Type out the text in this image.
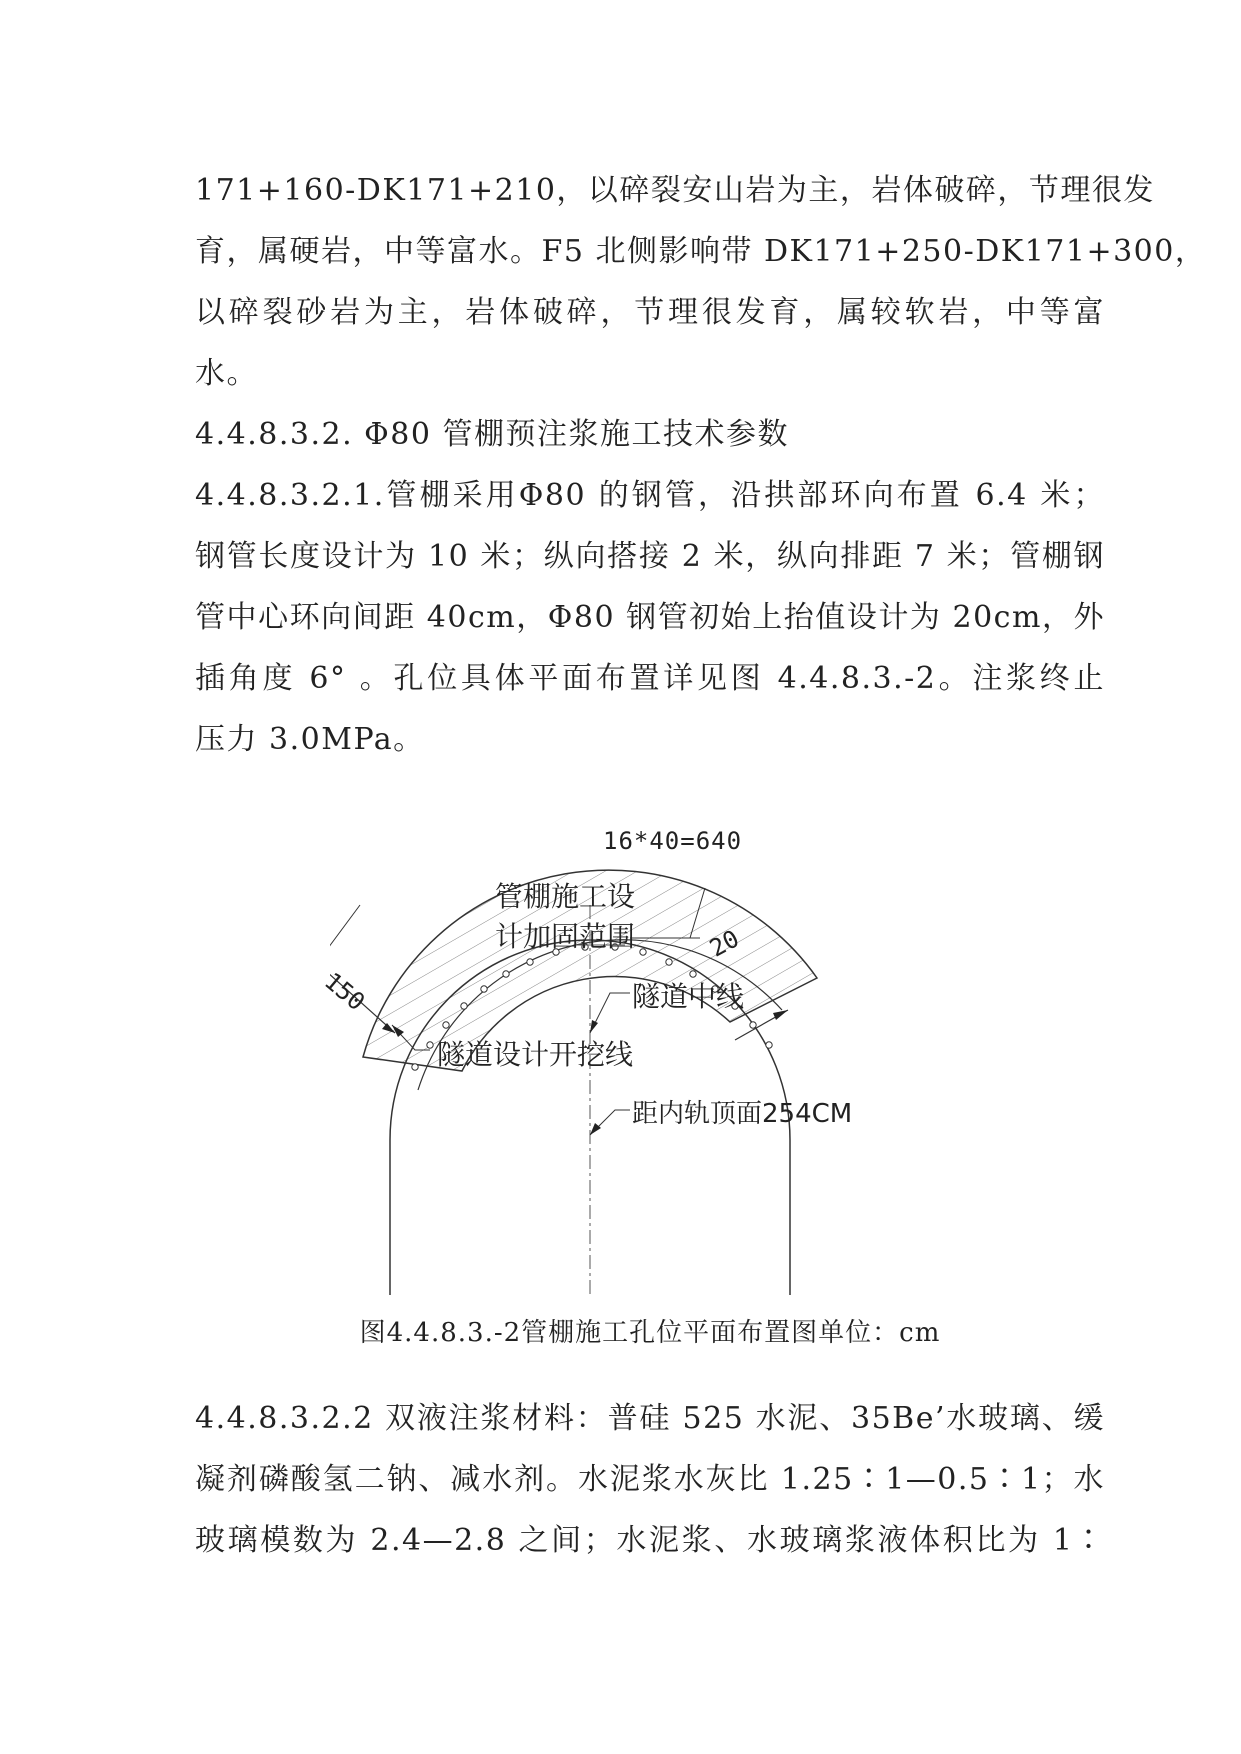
171+160-DK171+210，以碎裂安山岩为主，岩体破碎，节理很发
育，属硬岩，中等富水。F5 北侧影响带 DK171+250-DK171+300，
以碎裂砂岩为主，岩体破碎，节理很发育，属较软岩，中等富
水。
4.4.8.3.2. Φ80 管棚预注浆施工技术参数
4.4.8.3.2.1.管棚采用Φ80 的钢管，沿拱部环向布置 6.4 米；
钢管长度设计为 10 米；纵向搭接 2 米，纵向排距 7 米；管棚钢
管中心环向间距 40cm，Φ80 钢管初始上抬值设计为 20cm，外
插角度 6° 。孔位具体平面布置详见图 4.4.8.3.-2。注浆终止
压力 3.0MPa。
16*40=640
管棚施工设
计加固范围
150
20
隧道中线
隧道设计开挖线
距内轨顶面254CM
图4.4.8.3.-2管棚施工孔位平面布置图单位：cm
4.4.8.3.2.2 双液注浆材料：普硅 525 水泥、35Be’水玻璃、缓
凝剂磷酸氢二钠、减水剂。水泥浆水灰比 1.25∶1—0.5∶1；水
玻璃模数为 2.4—2.8 之间；水泥浆、水玻璃浆液体积比为 1∶
